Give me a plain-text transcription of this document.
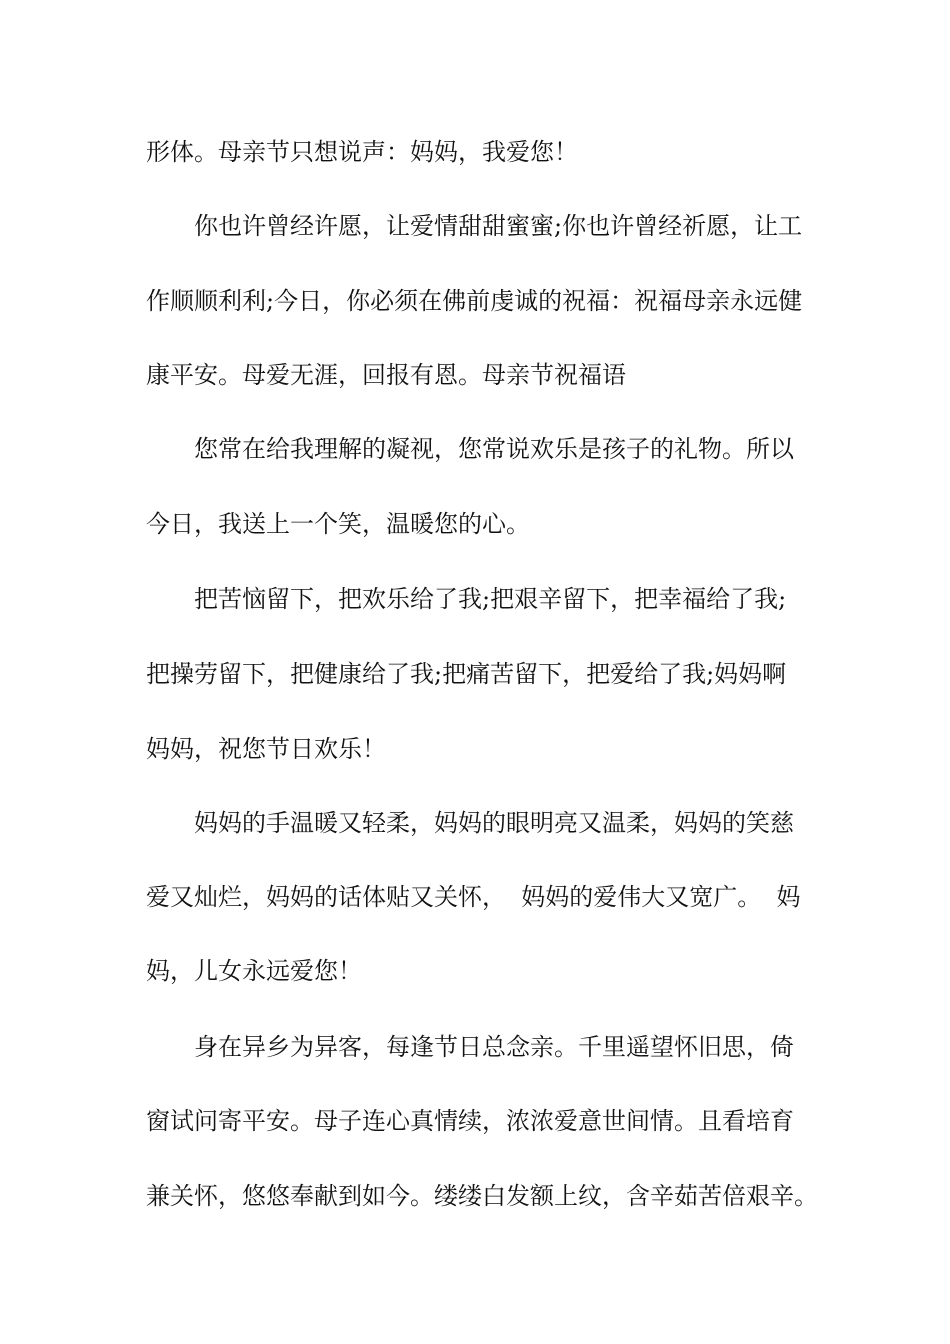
形体。母亲节只想说声：妈妈，我爱您！
你也许曾经许愿，让爱情甜甜蜜蜜;你也许曾经祈愿，让工
作顺顺利利;今日，你必须在佛前虔诚的祝福：祝福母亲永远健
康平安。母爱无涯，回报有恩。母亲节祝福语
您常在给我理解的凝视，您常说欢乐是孩子的礼物。所以
今日，我送上一个笑，温暖您的心。
把苦恼留下，把欢乐给了我;把艰辛留下，把幸福给了我;
把操劳留下，把健康给了我;把痛苦留下，把爱给了我;妈妈啊
妈妈，祝您节日欢乐！
妈妈的手温暖又轻柔，妈妈的眼明亮又温柔，妈妈的笑慈
爱又灿烂，妈妈的话体贴又关怀，  妈妈的爱伟大又宽广。  妈
妈，儿女永远爱您！
身在异乡为异客，每逢节日总念亲。千里遥望怀旧思，倚
窗试问寄平安。母子连心真情续，浓浓爱意世间情。且看培育
兼关怀，悠悠奉献到如今。缕缕白发额上纹，含辛茹苦倍艰辛。
